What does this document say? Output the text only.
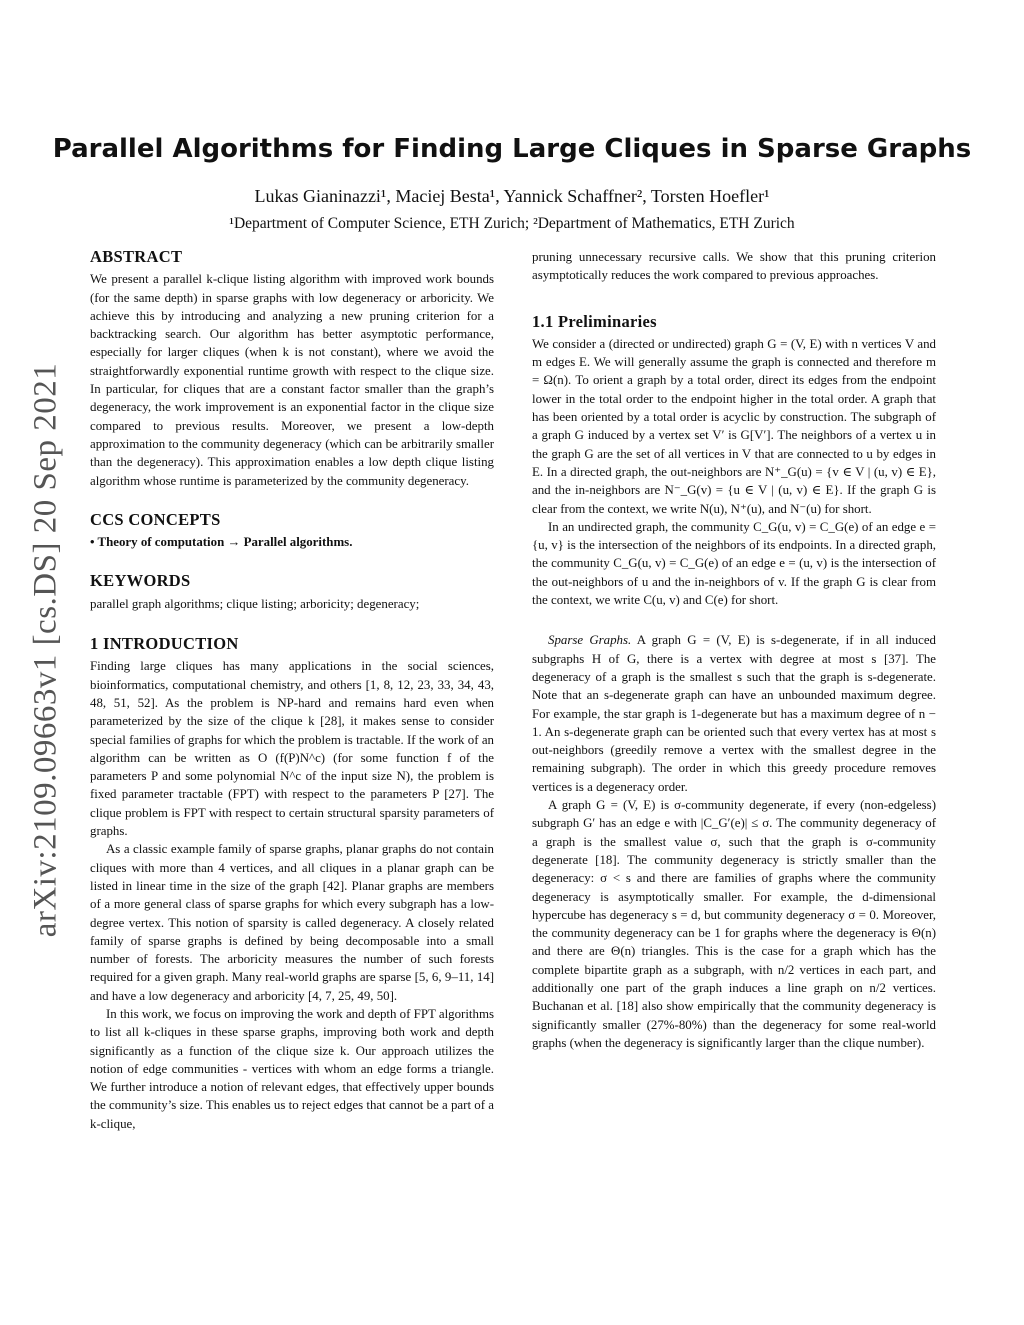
arXiv:2109.09663v1 [cs.DS] 20 Sep 2021
Parallel Algorithms for Finding Large Cliques in Sparse Graphs
Lukas Gianinazzi¹, Maciej Besta¹, Yannick Schaffner², Torsten Hoefler¹
¹Department of Computer Science, ETH Zurich; ²Department of Mathematics, ETH Zurich
ABSTRACT

We present a parallel k-clique listing algorithm with improved work bounds (for the same depth) in sparse graphs with low degeneracy or arboricity. We achieve this by introducing and analyzing a new pruning criterion for a backtracking search. Our algorithm has better asymptotic performance, especially for larger cliques (when k is not constant), where we avoid the straightforwardly exponential runtime growth with respect to the clique size. In particular, for cliques that are a constant factor smaller than the graph’s degeneracy, the work improvement is an exponential factor in the clique size compared to previous results. Moreover, we present a low-depth approximation to the community degeneracy (which can be arbitrarily smaller than the degeneracy). This approximation enables a low depth clique listing algorithm whose runtime is parameterized by the community degeneracy.

CCS CONCEPTS

• Theory of computation → Parallel algorithms.

KEYWORDS

parallel graph algorithms; clique listing; arboricity; degeneracy;

1 INTRODUCTION

Finding large cliques has many applications in the social sciences, bioinformatics, computational chemistry, and others [1, 8, 12, 23, 33, 34, 43, 48, 51, 52]. As the problem is NP-hard and remains hard even when parameterized by the size of the clique k [28], it makes sense to consider special families of graphs for which the problem is tractable. If the work of an algorithm can be written as O (f(P)N^c) (for some function f of the parameters P and some polynomial N^c of the input size N), the problem is fixed parameter tractable (FPT) with respect to the parameters P [27]. The clique problem is FPT with respect to certain structural sparsity parameters of graphs.

As a classic example family of sparse graphs, planar graphs do not contain cliques with more than 4 vertices, and all cliques in a planar graph can be listed in linear time in the size of the graph [42]. Planar graphs are members of a more general class of sparse graphs for which every subgraph has a low-degree vertex. This notion of sparsity is called degeneracy. A closely related family of sparse graphs is defined by being decomposable into a small number of forests. The arboricity measures the number of such forests required for a given graph. Many real-world graphs are sparse [5, 6, 9–11, 14] and have a low degeneracy and arboricity [4, 7, 25, 49, 50].

In this work, we focus on improving the work and depth of FPT algorithms to list all k-cliques in these sparse graphs, improving both work and depth significantly as a function of the clique size k. Our approach utilizes the notion of edge communities - vertices with whom an edge forms a triangle. We further introduce a notion of relevant edges, that effectively upper bounds the community’s size. This enables us to reject edges that cannot be a part of a k-clique,

pruning unnecessary recursive calls. We show that this pruning criterion asymptotically reduces the work compared to previous approaches.

1.1 Preliminaries

We consider a (directed or undirected) graph G = (V, E) with n vertices V and m edges E. We will generally assume the graph is connected and therefore m = Ω(n). To orient a graph by a total order, direct its edges from the endpoint lower in the total order to the endpoint higher in the total order. A graph that has been oriented by a total order is acyclic by construction. The subgraph of a graph G induced by a vertex set V′ is G[V′]. The neighbors of a vertex u in the graph G are the set of all vertices in V that are connected to u by edges in E. In a directed graph, the out-neighbors are N⁺_G(u) = {v ∈ V | (u, v) ∈ E}, and the in-neighbors are N⁻_G(v) = {u ∈ V | (u, v) ∈ E}. If the graph G is clear from the context, we write N(u), N⁺(u), and N⁻(u) for short.

In an undirected graph, the community C_G(u, v) = C_G(e) of an edge e = {u, v} is the intersection of the neighbors of its endpoints. In a directed graph, the community C_G(u, v) = C_G(e) of an edge e = (u, v) is the intersection of the out-neighbors of u and the in-neighbors of v. If the graph G is clear from the context, we write C(u, v) and C(e) for short.

Sparse Graphs. A graph G = (V, E) is s-degenerate, if in all induced subgraphs H of G, there is a vertex with degree at most s [37]. The degeneracy of a graph is the smallest s such that the graph is s-degenerate. Note that an s-degenerate graph can have an unbounded maximum degree. For example, the star graph is 1-degenerate but has a maximum degree of n − 1. An s-degenerate graph can be oriented such that every vertex has at most s out-neighbors (greedily remove a vertex with the smallest degree in the remaining subgraph). The order in which this greedy procedure removes vertices is a degeneracy order.

A graph G = (V, E) is σ-community degenerate, if every (non-edgeless) subgraph G′ has an edge e with |C_G′(e)| ≤ σ. The community degeneracy of a graph is the smallest value σ, such that the graph is σ-community degenerate [18]. The community degeneracy is strictly smaller than the degeneracy: σ < s and there are families of graphs where the community degeneracy is asymptotically smaller. For example, the d-dimensional hypercube has degeneracy s = d, but community degeneracy σ = 0. Moreover, the community degeneracy can be 1 for graphs where the degeneracy is Θ(n) and there are Θ(n) triangles. This is the case for a graph which has the complete bipartite graph as a subgraph, with n/2 vertices in each part, and additionally one part of the graph induces a line graph on n/2 vertices. Buchanan et al. [18] also show empirically that the community degeneracy is significantly smaller (27%-80%) than the degeneracy for some real-world graphs (when the degeneracy is significantly larger than the clique number).
